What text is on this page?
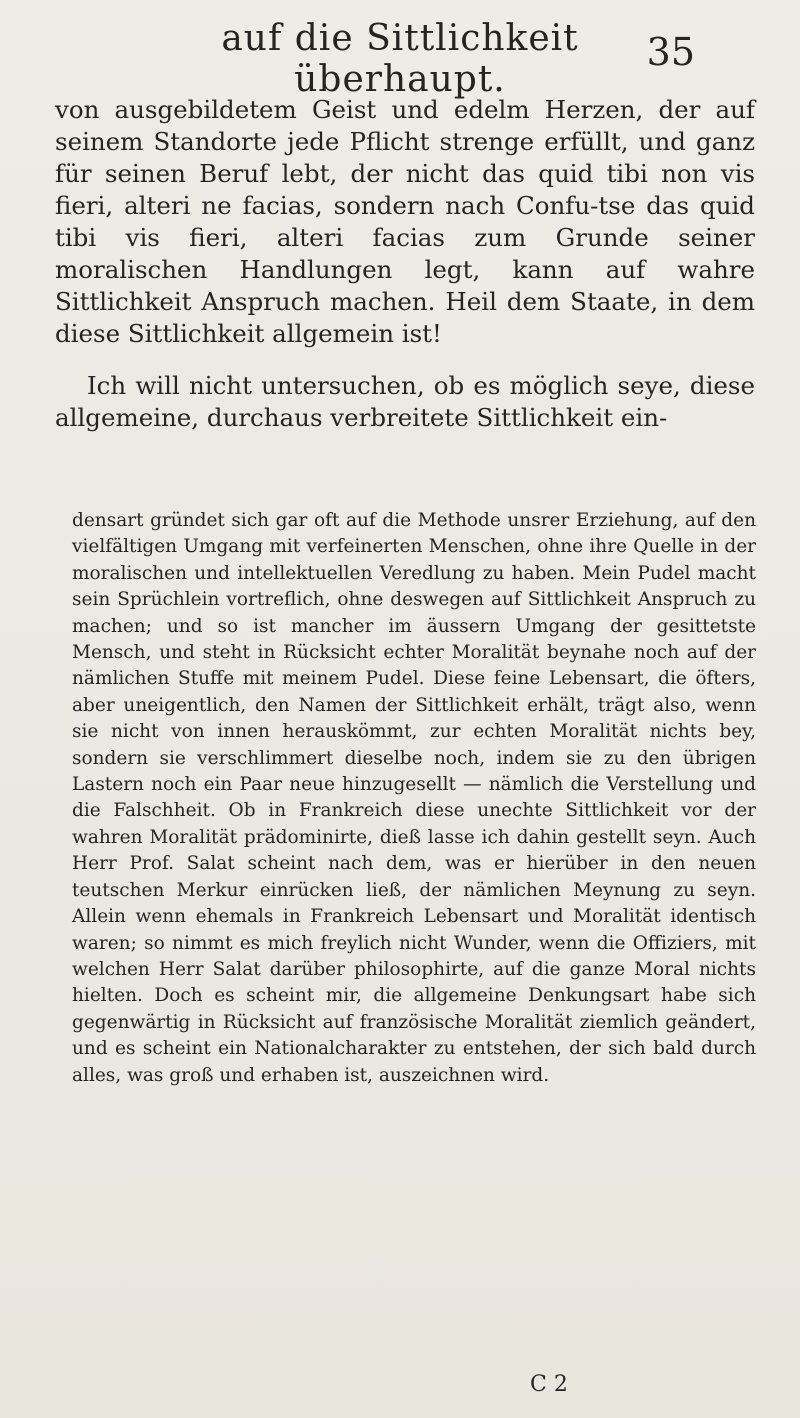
auf die Sittlichkeit überhaupt.
35

von ausgebildetem Geist und edelm Herzen, der auf seinem Standorte jede Pflicht strenge erfüllt, und ganz für seinen Beruf lebt, der nicht das quid tibi non vis fieri, alteri ne facias, sondern nach Confu-tse das quid tibi vis fieri, alteri facias zum Grunde seiner moralischen Handlungen legt, kann auf wahre Sittlichkeit Anspruch machen. Heil dem Staate, in dem diese Sittlichkeit allgemein ist!

Ich will nicht untersuchen, ob es möglich seye, diese allgemeine, durchaus verbreitete Sittlichkeit ein-

densart gründet sich gar oft auf die Methode unsrer Erziehung, auf den vielfältigen Umgang mit verfeinerten Menschen, ohne ihre Quelle in der moralischen und intellektuellen Veredlung zu haben. Mein Pudel macht sein Sprüchlein vortreflich, ohne deswegen auf Sittlichkeit Anspruch zu machen; und so ist mancher im äussern Umgang der gesittetste Mensch, und steht in Rücksicht echter Moralität beynahe noch auf der nämlichen Stuffe mit meinem Pudel. Diese feine Lebensart, die öfters, aber uneigentlich, den Namen der Sittlichkeit erhält, trägt also, wenn sie nicht von innen herauskömmt, zur echten Moralität nichts bey, sondern sie verschlimmert dieselbe noch, indem sie zu den übrigen Lastern noch ein Paar neue hinzugesellt — nämlich die Verstellung und die Falschheit. Ob in Frankreich diese unechte Sittlichkeit vor der wahren Moralität prädominirte, dieß lasse ich dahin gestellt seyn. Auch Herr Prof. Salat scheint nach dem, was er hierüber in den neuen teutschen Merkur einrücken ließ, der nämlichen Meynung zu seyn. Allein wenn ehemals in Frankreich Lebensart und Moralität identisch waren; so nimmt es mich freylich nicht Wunder, wenn die Offiziers, mit welchen Herr Salat darüber philosophirte, auf die ganze Moral nichts hielten. Doch es scheint mir, die allgemeine Denkungsart habe sich gegenwärtig in Rücksicht auf französische Moralität ziemlich geändert, und es scheint ein Nationalcharakter zu entstehen, der sich bald durch alles, was groß und erhaben ist, auszeichnen wird.

C 2
